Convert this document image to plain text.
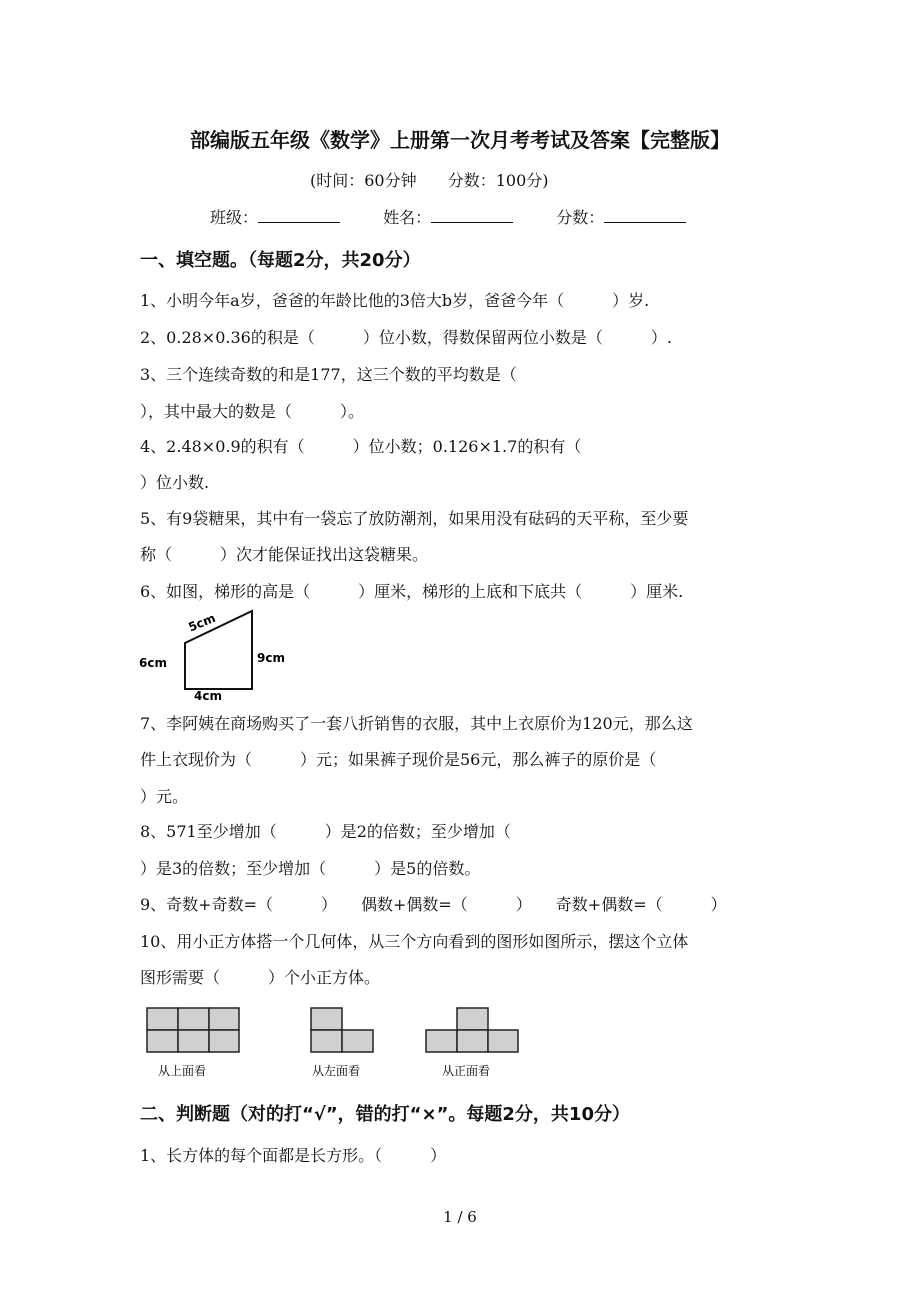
部编版五年级《数学》上册第一次月考考试及答案【完整版】
(时间：60分钟 分数：100分)
班级：	姓名：	分数：
一、填空题。（每题2分，共20分）
1、小明今年a岁，爸爸的年龄比他的3倍大b岁，爸爸今年（　　　）岁.
2、0.28×0.36的积是（　　　）位小数，得数保留两位小数是（　　　）.
3、三个连续奇数的和是177，这三个数的平均数是（
），其中最大的数是（　　　）。
4、2.48×0.9的积有（　　　）位小数；0.126×1.7的积有（
）位小数.
5、有9袋糖果，其中有一袋忘了放防潮剂，如果用没有砝码的天平称，至少要
称（　　　）次才能保证找出这袋糖果。
6、如图，梯形的高是（　　　）厘米，梯形的上底和下底共（　　　）厘米.
5cm
6cm	9cm
4cm
7、李阿姨在商场购买了一套八折销售的衣服，其中上衣原价为120元，那么这
件上衣现价为（　　　）元；如果裤子现价是56元，那么裤子的原价是（
）元。
8、571至少增加（　　　）是2的倍数；至少增加（
）是3的倍数；至少增加（　　　）是5的倍数。
9、奇数+奇数=（　　　）　　偶数+偶数=（　　　）　　奇数+偶数=（　　　）
10、用小正方体搭一个几何体，从三个方向看到的图形如图所示，摆这个立体
图形需要（　　　）个小正方体。
从上面看	从左面看	从正面看
二、判断题（对的打“√”，错的打“×”。每题2分，共10分）
1、长方体的每个面都是长方形。（　　　）
1 / 6
